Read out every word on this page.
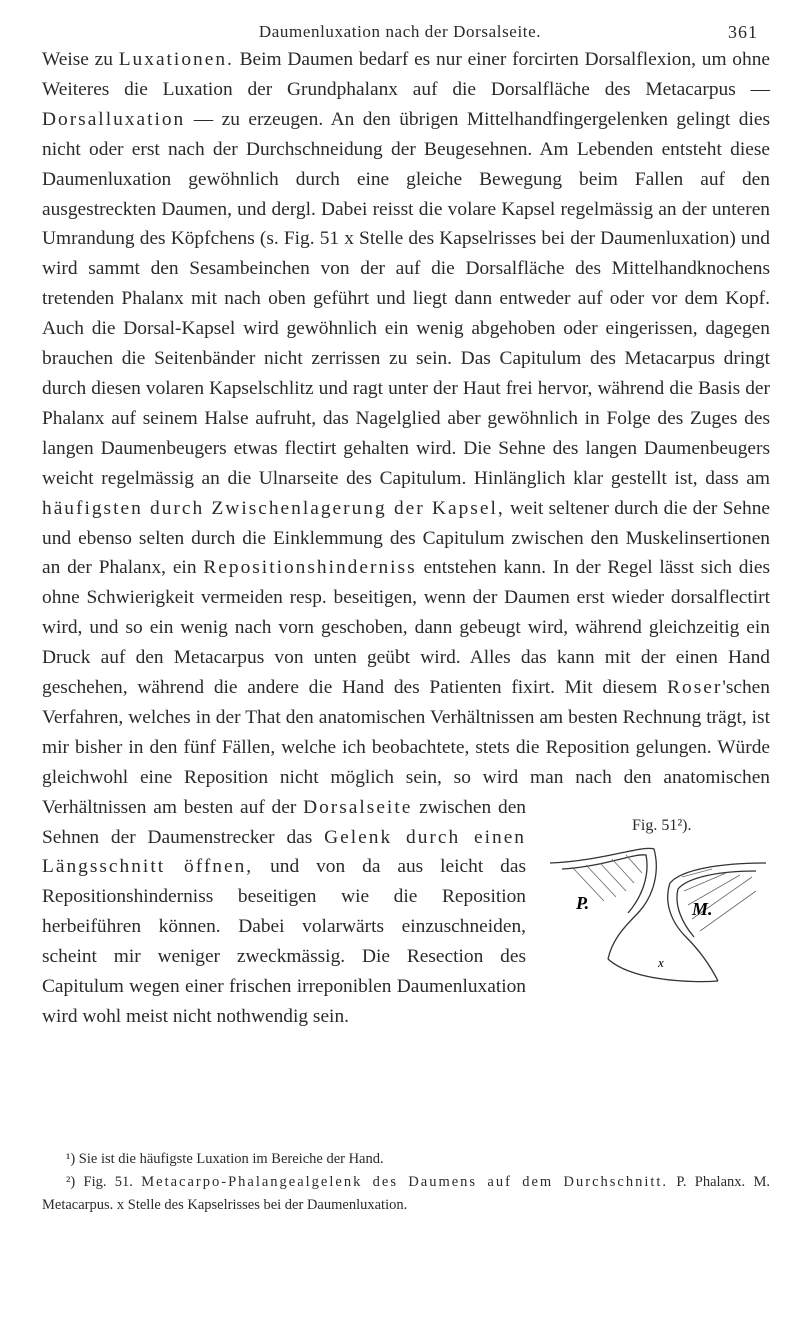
Daumenluxation nach der Dorsalseite.	361

Weise zu Luxationen. Beim Daumen bedarf es nur einer forcirten Dorsalflexion, um ohne Weiteres die Luxation der Grundphalanx auf die Dorsalfläche des Metacarpus — Dorsalluxation — zu erzeugen. An den übrigen Mittelhandfingergelenken gelingt dies nicht oder erst nach der Durchschneidung der Beugesehnen. Am Lebenden entsteht diese Daumenluxation gewöhnlich durch eine gleiche Bewegung beim Fallen auf den ausgestreckten Daumen, und dergl. Dabei reisst die volare Kapsel regelmässig an der unteren Umrandung des Köpfchens (s. Fig. 51 x Stelle des Kapselrisses bei der Daumenluxation) und wird sammt den Sesambeinchen von der auf die Dorsalfläche des Mittelhandknochens tretenden Phalanx mit nach oben geführt und liegt dann entweder auf oder vor dem Kopf. Auch die Dorsal-Kapsel wird gewöhnlich ein wenig abgehoben oder eingerissen, dagegen brauchen die Seitenbänder nicht zerrissen zu sein. Das Capitulum des Metacarpus dringt durch diesen volaren Kapselschlitz und ragt unter der Haut frei hervor, während die Basis der Phalanx auf seinem Halse aufruht, das Nagelglied aber gewöhnlich in Folge des Zuges des langen Daumenbeugers etwas flectirt gehalten wird. Die Sehne des langen Daumenbeugers weicht regelmässig an die Ulnarseite des Capitulum. Hinlänglich klar gestellt ist, dass am häufigsten durch Zwischenlagerung der Kapsel, weit seltener durch die der Sehne und ebenso selten durch die Einklemmung des Capitulum zwischen den Muskelinsertionen an der Phalanx, ein Repositionshinderniss entstehen kann. In der Regel lässt sich dies ohne Schwierigkeit vermeiden resp. beseitigen, wenn der Daumen erst wieder dorsalflectirt wird, und so ein wenig nach vorn geschoben, dann gebeugt wird, während gleichzeitig ein Druck auf den Metacarpus von unten geübt wird. Alles das kann mit der einen Hand geschehen, während die andere die Hand des Patienten fixirt. Mit diesem Roser'schen Verfahren, welches in der That den anatomischen Verhältnissen am besten Rechnung trägt, ist mir bisher in den fünf Fällen, welche ich beobachtete, stets die Reposition gelungen. Würde gleichwohl eine Reposition nicht möglich sein, so wird man nach den anatomischen Verhältnissen am besten auf der
Fig. 51²).
P.	M.
x
Dorsalseite zwischen den Sehnen der Daumenstrecker das Gelenk durch einen Längsschnitt öffnen, und von da aus leicht das Repositionshinderniss beseitigen wie die Reposition herbeiführen können. Dabei volarwärts einzuschneiden, scheint mir weniger zweckmässig. Die Resection des Capitulum wegen einer frischen irreponiblen Daumenluxation wird wohl meist nicht nothwendig sein.

¹) Sie ist die häufigste Luxation im Bereiche der Hand.

²) Fig. 51. Metacarpo-Phalangealgelenk des Daumens auf dem Durchschnitt. P. Phalanx. M. Metacarpus. x Stelle des Kapselrisses bei der Daumenluxation.
